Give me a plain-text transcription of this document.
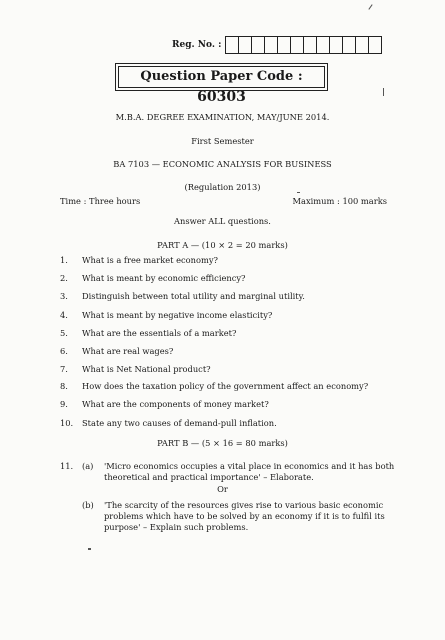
Reg. No. :
Question Paper Code : 60303
M.B.A. DEGREE EXAMINATION, MAY/JUNE 2014.
First Semester
BA 7103 — ECONOMIC ANALYSIS FOR BUSINESS
(Regulation 2013)
Time : Three hours	Maximum : 100 marks
Answer ALL questions.
PART A — (10 × 2 = 20 marks)
1.	What is a free market economy?
2.	What is meant by economic efficiency?
3.	Distinguish between total utility and marginal utility.
4.	What is meant by negative income elasticity?
5.	What are the essentials of a market?
6.	What are real wages?
7.	What is Net National product?
8.	How does the taxation policy of the government affect an economy?
9.	What are the components of money market?
10.	State any two causes of demand-pull inflation.
PART B — (5 × 16 = 80 marks)
11. (a) 'Micro economics occupies a vital place in economics and it has both
theoretical and practical importance' – Elaborate.
Or
(b) 'The scarcity of the resources gives rise to various basic economic
problems which have to be solved by an economy if it is to fulfil its
purpose' – Explain such problems.
